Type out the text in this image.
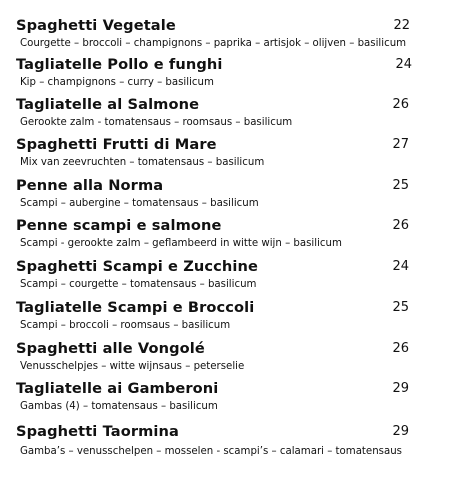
Spaghetti Vegetale	22
Courgette – broccoli – champignons – paprika – artisjok – olijven – basilicum
Tagliatelle Pollo e funghi	24
Kip – champignons – curry – basilicum
Tagliatelle al Salmone	26
Gerookte zalm - tomatensaus – roomsaus – basilicum
Spaghetti Frutti di Mare	27
Mix van zeevruchten – tomatensaus – basilicum
Penne alla Norma	25
Scampi – aubergine – tomatensaus – basilicum
Penne scampi e salmone	26
Scampi - gerookte zalm – geflambeerd in witte wijn – basilicum
Spaghetti Scampi e Zucchine	24
Scampi – courgette – tomatensaus – basilicum
Tagliatelle Scampi e Broccoli	25
Scampi – broccoli – roomsaus – basilicum
Spaghetti alle Vongolé	26
Venusschelpjes – witte wijnsaus – peterselie
Tagliatelle ai Gamberoni	29
Gambas (4) – tomatensaus – basilicum
Spaghetti Taormina	29
Gamba’s – venusschelpen – mosselen - scampi’s – calamari – tomatensaus
